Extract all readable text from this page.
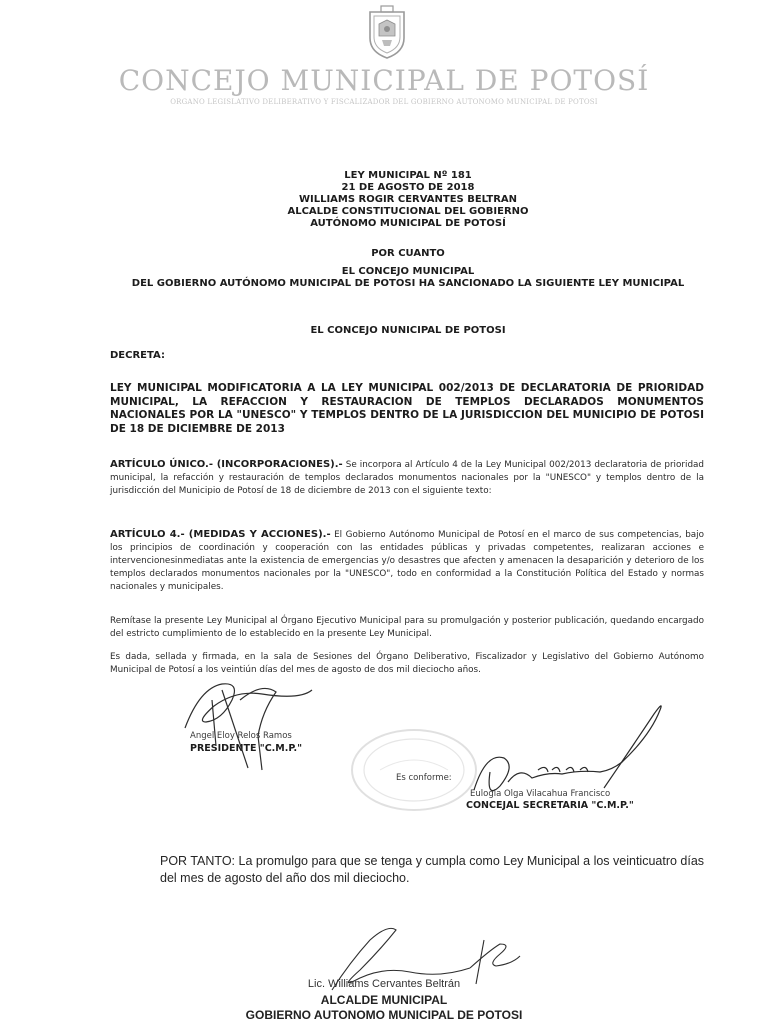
CONCEJO MUNICIPAL DE POTOSÍ
ÓRGANO LEGISLATIVO DELIBERATIVO Y FISCALIZADOR DEL GOBIERNO AUTÓNOMO MUNICIPAL DE POTOSÍ
LEY MUNICIPAL Nº 181
21 DE AGOSTO DE 2018
WILLIAMS ROGIR CERVANTES BELTRAN
ALCALDE CONSTITUCIONAL DEL GOBIERNO
AUTÓNOMO MUNICIPAL DE POTOSÍ
POR CUANTO
EL CONCEJO MUNICIPAL
DEL GOBIERNO AUTÓNOMO MUNICIPAL DE POTOSI HA SANCIONADO LA SIGUIENTE LEY MUNICIPAL
EL CONCEJO NUNICIPAL DE POTOSI
DECRETA:
LEY MUNICIPAL MODIFICATORIA A LA LEY MUNICIPAL 002/2013 DE DECLARATORIA DE PRIORIDAD MUNICIPAL, LA REFACCION Y RESTAURACION DE TEMPLOS DECLARADOS MONUMENTOS NACIONALES POR LA "UNESCO" Y TEMPLOS DENTRO DE LA JURISDICCION DEL MUNICIPIO DE POTOSI DE 18 DE DICIEMBRE DE 2013
ARTÍCULO ÚNICO.- (INCORPORACIONES).- Se incorpora al Artículo 4 de la Ley Municipal 002/2013 declaratoria de prioridad municipal, la refacción y restauración de templos declarados monumentos nacionales por la "UNESCO" y templos dentro de la jurisdicción del Municipio de Potosí de 18 de diciembre de 2013 con el siguiente texto:
ARTÍCULO 4.- (MEDIDAS Y ACCIONES).- El Gobierno Autónomo Municipal de Potosí en el marco de sus competencias, bajo los principios de coordinación y cooperación con las entidades públicas y privadas competentes, realizaran acciones e intervencionesinmediatas ante la existencia de emergencias y/o desastres que afecten y amenacen la desaparición y deterioro de los templos declarados monumentos nacionales por la "UNESCO", todo en conformidad a la Constitución Política del Estado y normas nacionales y municipales.
Remítase la presente Ley Municipal al Órgano Ejecutivo Municipal para su promulgación y posterior publicación, quedando encargado del estricto cumplimiento de lo establecido en la presente Ley Municipal.
Es dada, sellada y firmada, en la sala de Sesiones del Órgano Deliberativo, Fiscalizador y Legislativo del Gobierno Autónomo Municipal de Potosí a los veintiún días del mes de agosto de dos mil dieciocho años.
Angel Eloy Relos Ramos
PRESIDENTE "C.M.P."
Es conforme:
Eulogia Olga Vilacahua Francisco
CONCEJAL SECRETARIA "C.M.P."
POR TANTO: La promulgo para que se tenga y cumpla como Ley Municipal a los veinticuatro días del mes de agosto del año dos mil dieciocho.
Lic. Williams Cervantes Beltrán
ALCALDE MUNICIPAL
GOBIERNO AUTONOMO MUNICIPAL DE POTOSI
